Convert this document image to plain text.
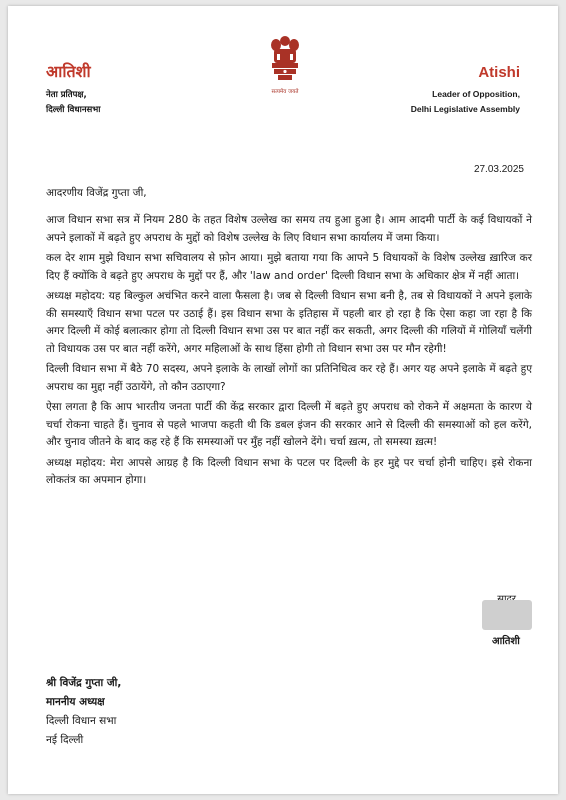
आतिशी
नेता प्रतिपक्ष,
दिल्ली विधानसभा
सत्यमेव जयते
Atishi
Leader of Opposition,
Delhi Legislative Assembly
27.03.2025
आदरणीय विजेंद्र गुप्ता जी,

आज विधान सभा सत्र में नियम 280 के तहत विशेष उल्लेख का समय तय हुआ हुआ है। आम आदमी पार्टी के कई विधायकों ने अपने इलाकों में बढ़ते हुए अपराध के मुद्दों को विशेष उल्लेख के लिए विधान सभा कार्यालय में जमा किया।

कल देर शाम मुझे विधान सभा सचिवालय से फ़ोन आया। मुझे बताया गया कि आपने 5 विधायकों के विशेष उल्लेख ख़ारिज कर दिए हैं क्योंकि वे बढ़ते हुए अपराध के मुद्दों पर हैं, और 'law and order' दिल्ली विधान सभा के अधिकार क्षेत्र में नहीं आता।

अध्यक्ष महोदय: यह बिल्कुल अचंभित करने वाला फैसला है। जब से दिल्ली विधान सभा बनी है, तब से विधायकों ने अपने इलाके की समस्याएँ विधान सभा पटल पर उठाई हैं। इस विधान सभा के इतिहास में पहली बार हो रहा है कि ऐसा कहा जा रहा है कि अगर दिल्ली में कोई बलात्कार होगा तो दिल्ली विधान सभा उस पर बात नहीं कर सकती, अगर दिल्ली की गलियों में गोलियाँ चलेंगी तो विधायक उस पर बात नहीं करेंगे, अगर महिलाओं के साथ हिंसा होगी तो विधान सभा उस पर मौन रहेगी!

दिल्ली विधान सभा में बैठे 70 सदस्य, अपने इलाके के लाखों लोगों का प्रतिनिधित्व कर रहे हैं। अगर यह अपने इलाके में बढ़ते हुए अपराध का मुद्दा नहीं उठायेंगे, तो कौन उठाएगा?

ऐसा लगता है कि आप भारतीय जनता पार्टी की केंद्र सरकार द्वारा दिल्ली में बढ़ते हुए अपराध को रोकने में अक्षमता के कारण ये चर्चा रोकना चाहते हैं। चुनाव से पहले भाजपा कहती थी कि डबल इंजन की सरकार आने से दिल्ली की समस्याओं को हल करेंगे, और चुनाव जीतने के बाद कह रहे हैं कि समस्याओं पर मुँह नहीं खोलने देंगे। चर्चा ख़त्म, तो समस्या ख़त्म!

अध्यक्ष महोदय: मेरा आपसे आग्रह है कि दिल्ली विधान सभा के पटल पर दिल्ली के हर मुद्दे पर चर्चा होनी चाहिए। इसे रोकना लोकतंत्र का अपमान होगा।

आतिशी
श्री विजेंद्र गुप्ता जी,
माननीय अध्यक्ष
दिल्ली विधान सभा
नई दिल्ली
